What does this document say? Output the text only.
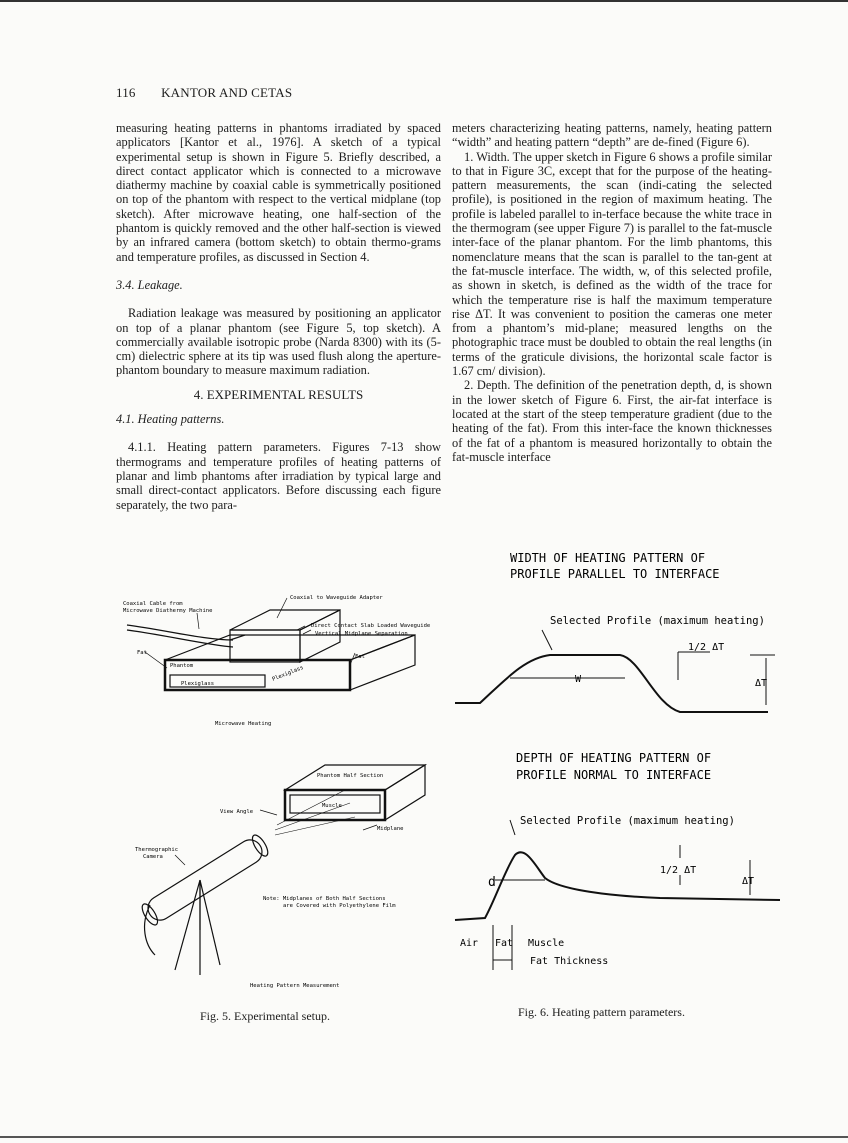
116 KANTOR AND CETAS

measuring heating patterns in phantoms irradiated by spaced applicators [Kantor et al., 1976]. A sketch of a typical experimental setup is shown in Figure 5. Briefly described, a direct contact applicator which is connected to a microwave diathermy machine by coaxial cable is symmetrically positioned on top of the phantom with respect to the vertical midplane (top sketch). After microwave heating, one half-section of the phantom is quickly removed and the other half-section is viewed by an infrared camera (bottom sketch) to obtain thermo-grams and temperature profiles, as discussed in Section 4.

3.4. Leakage.

Radiation leakage was measured by positioning an applicator on top of a planar phantom (see Figure 5, top sketch). A commercially available isotropic probe (Narda 8300) with its (5-cm) dielectric sphere at its tip was used flush along the aperture-phantom boundary to measure maximum radiation.

4. EXPERIMENTAL RESULTS

4.1. Heating patterns.

4.1.1. Heating pattern parameters. Figures 7-13 show thermograms and temperature profiles of heating patterns of planar and limb phantoms after irradiation by typical large and small direct-contact applicators. Before discussing each figure separately, the two para-

meters characterizing heating patterns, namely, heating pattern “width” and heating pattern “depth” are de-fined (Figure 6).

1. Width. The upper sketch in Figure 6 shows a profile similar to that in Figure 3C, except that for the purpose of the heating-pattern measurements, the scan (indi-cating the selected profile), is positioned in the region of maximum heating. The profile is labeled parallel to in-terface because the white trace in the thermogram (see upper Figure 7) is parallel to the fat-muscle inter-face of the planar phantom. For the limb phantoms, this nomenclature means that the scan is parallel to the tan-gent at the fat-muscle interface. The width, w, of this selected profile, as shown in sketch, is defined as the width of the trace for which the temperature rise is half the maximum temperature rise ΔT. It was convenient to position the cameras one meter from a phantom’s mid-plane; measured lengths on the photographic trace must be doubled to obtain the real lengths (in terms of the graticule divisions, the horizontal scale factor is 1.67 cm/ division).

2. Depth. The definition of the penetration depth, d, is shown in the lower sketch of Figure 6. First, the air-fat interface is located at the start of the steep temperature gradient (due to the heating of the fat). From this inter-face the known thicknesses of the fat of a phantom is measured horizontally to obtain the fat-muscle interface

Coaxial Cable from
Microwave Diathermy Machine
Coaxial to Waveguide Adapter
Direct Contact Slab Loaded Waveguide
Vertical Midplane Separation
Fat
Fat
Phantom
Plexiglass
Plexiglass
Microwave Heating
Phantom Half Section
Muscle
Midplane
View Angle
Thermographic
Camera
Note: Midplanes of Both Half Sections
are Covered with Polyethylene Film
Heating Pattern Measurement
Fig. 5. Experimental setup.
WIDTH OF HEATING PATTERN OF
PROFILE PARALLEL TO INTERFACE
Selected Profile (maximum heating)
1/2 ΔT
W	ΔT
DEPTH OF HEATING PATTERN OF
PROFILE NORMAL TO INTERFACE
Selected Profile (maximum heating)
1/2 ΔT
ΔT
d
Air Fat Muscle
Fat Thickness
Fig. 6. Heating pattern parameters.
